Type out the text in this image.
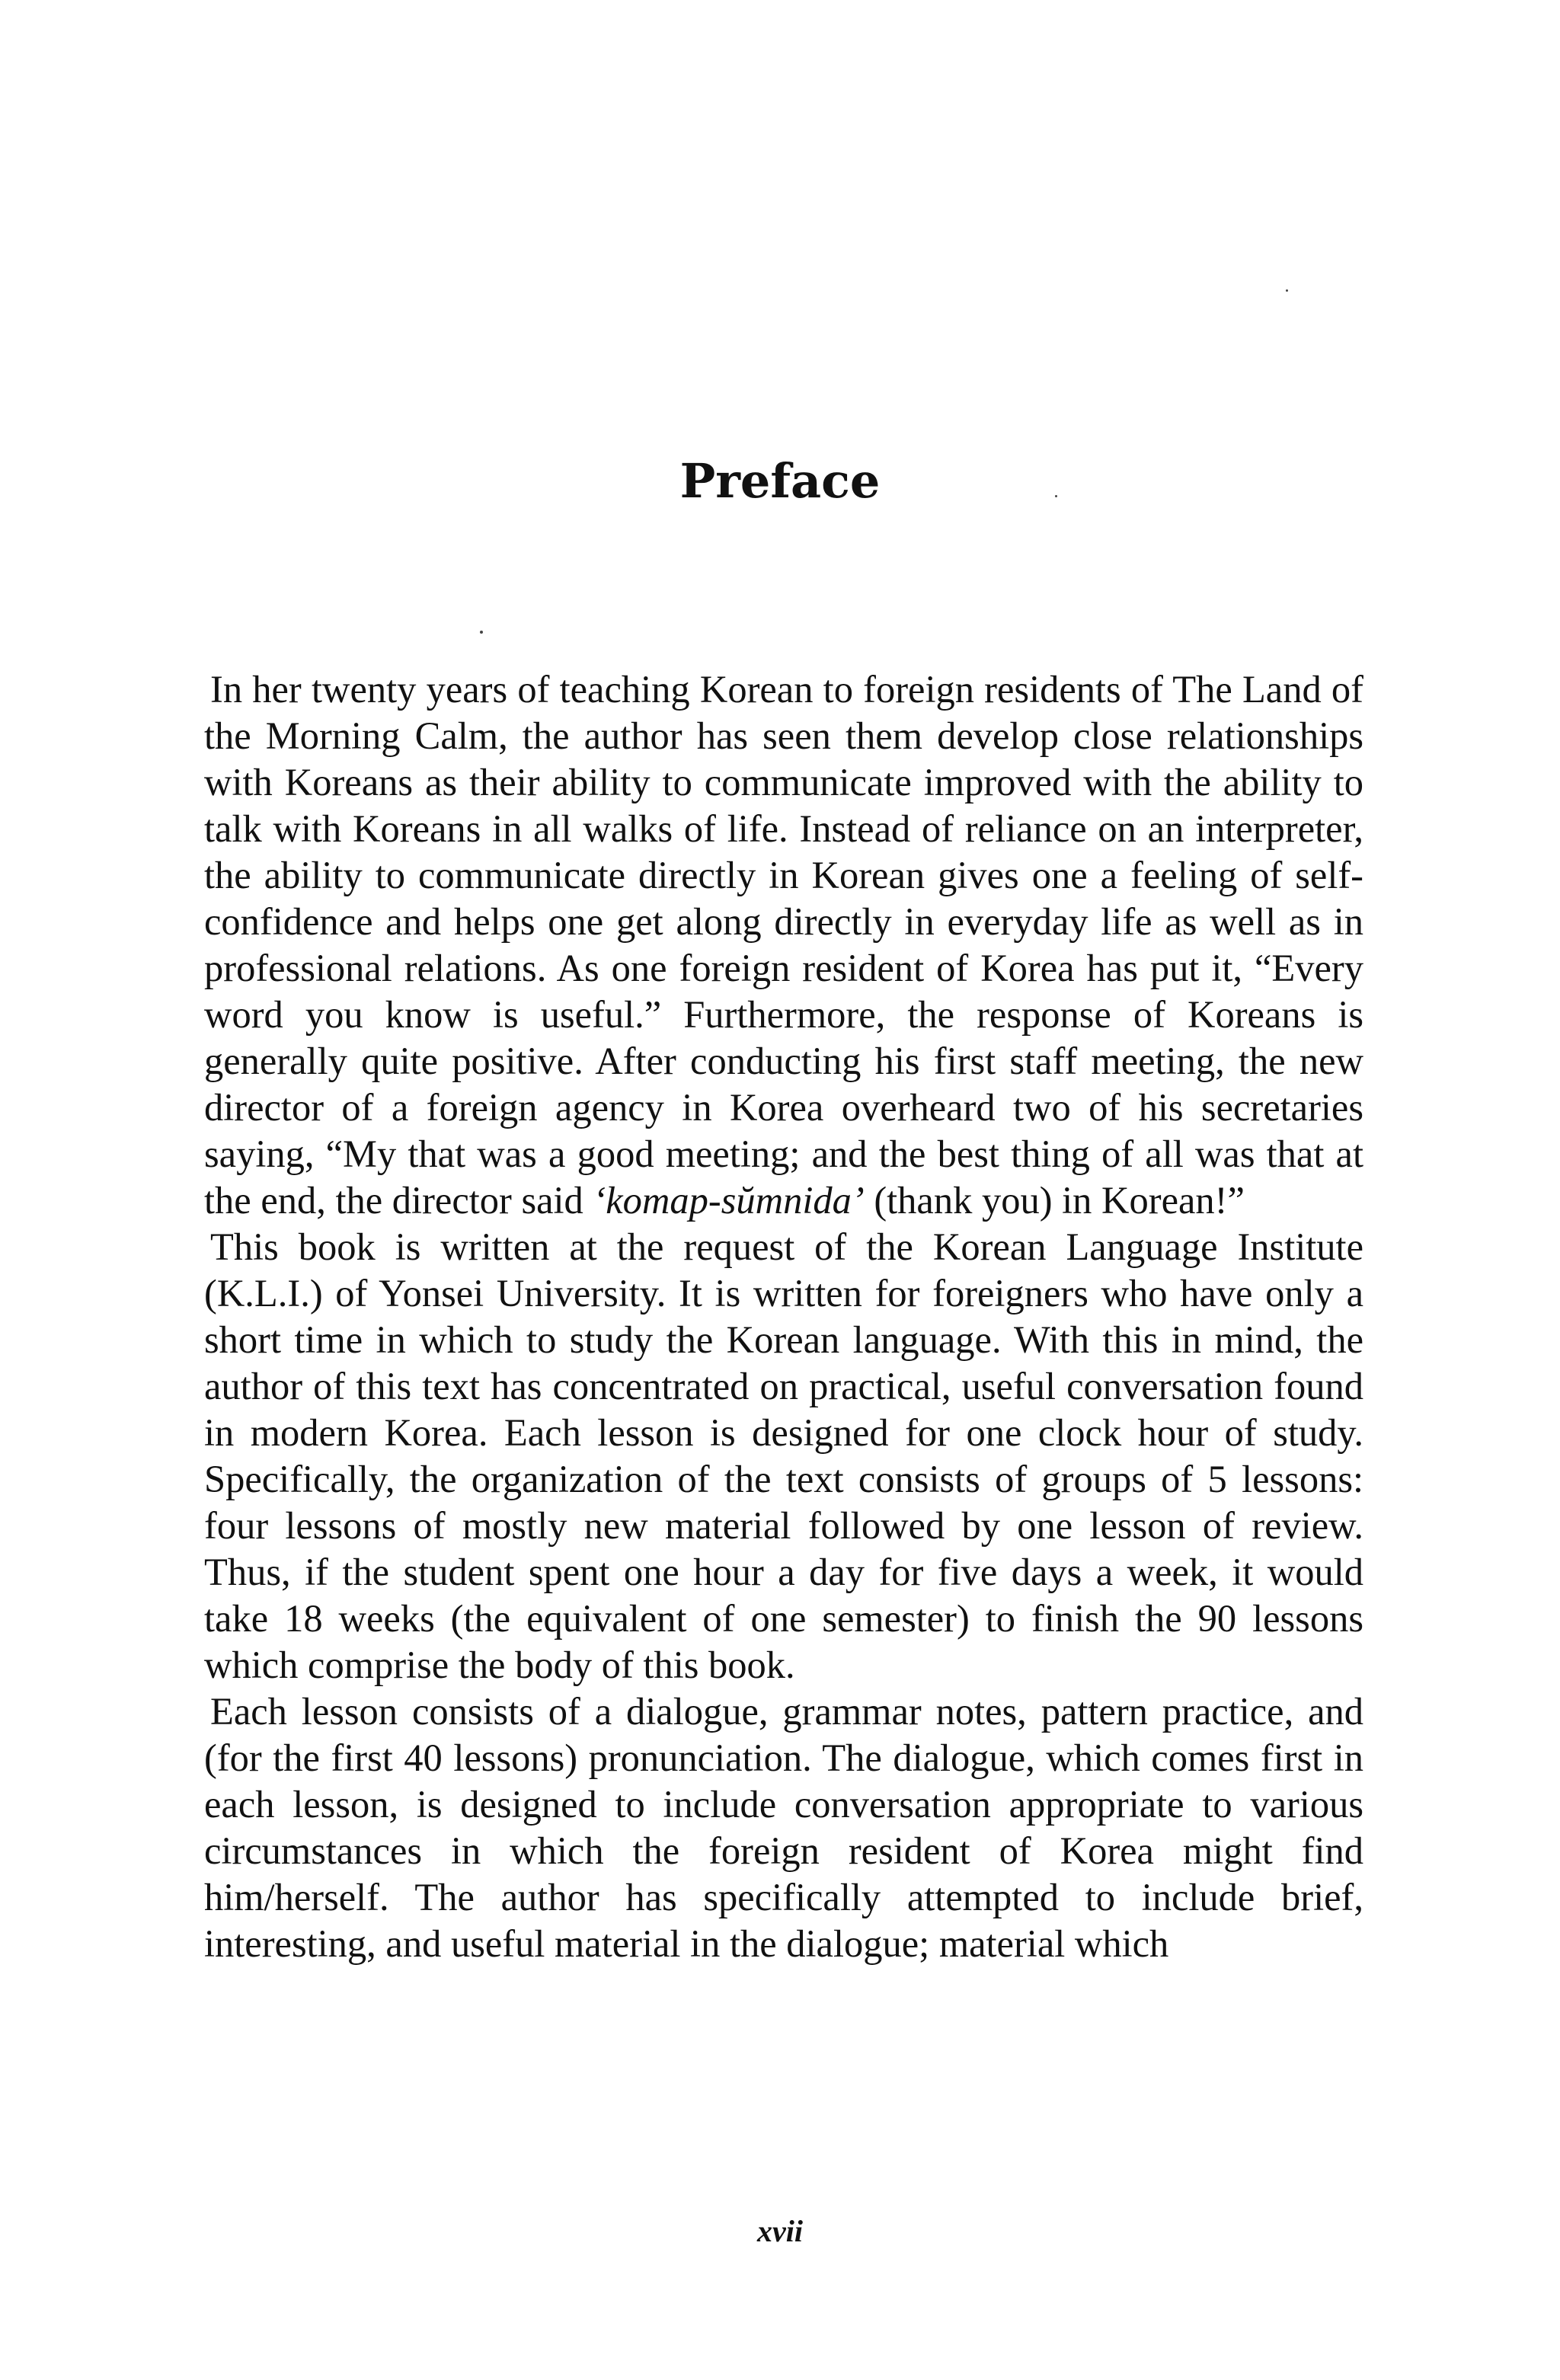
Preface

In her twenty years of teaching Korean to foreign residents of The Land of the Morning Calm, the author has seen them develop close relationships with Koreans as their ability to communicate improved with the ability to talk with Koreans in all walks of life. Instead of reliance on an interpreter, the ability to communicate directly in Korean gives one a feeling of self-confidence and helps one get along directly in everyday life as well as in professional relations. As one foreign resident of Korea has put it, “Every word you know is useful.” Furthermore, the response of Koreans is generally quite positive. After conducting his first staff meeting, the new director of a foreign agency in Korea overheard two of his secretaries saying, “My that was a good meeting; and the best thing of all was that at the end, the director said ‘komap-sŭmnida’ (thank you) in Korean!”

This book is written at the request of the Korean Language Institute (K.L.I.) of Yonsei University. It is written for foreigners who have only a short time in which to study the Korean language. With this in mind, the author of this text has concentrated on practical, useful conversation found in modern Korea. Each lesson is designed for one clock hour of study. Specifically, the organization of the text consists of groups of 5 lessons: four lessons of mostly new material followed by one lesson of review. Thus, if the student spent one hour a day for five days a week, it would take 18 weeks (the equivalent of one semester) to finish the 90 lessons which comprise the body of this book.

Each lesson consists of a dialogue, grammar notes, pattern practice, and (for the first 40 lessons) pronunciation. The dialogue, which comes first in each lesson, is designed to include conversation appropriate to various circumstances in which the foreign resident of Korea might find him/herself. The author has specifically attempted to include brief, interesting, and useful material in the dialogue; material which

xvii
